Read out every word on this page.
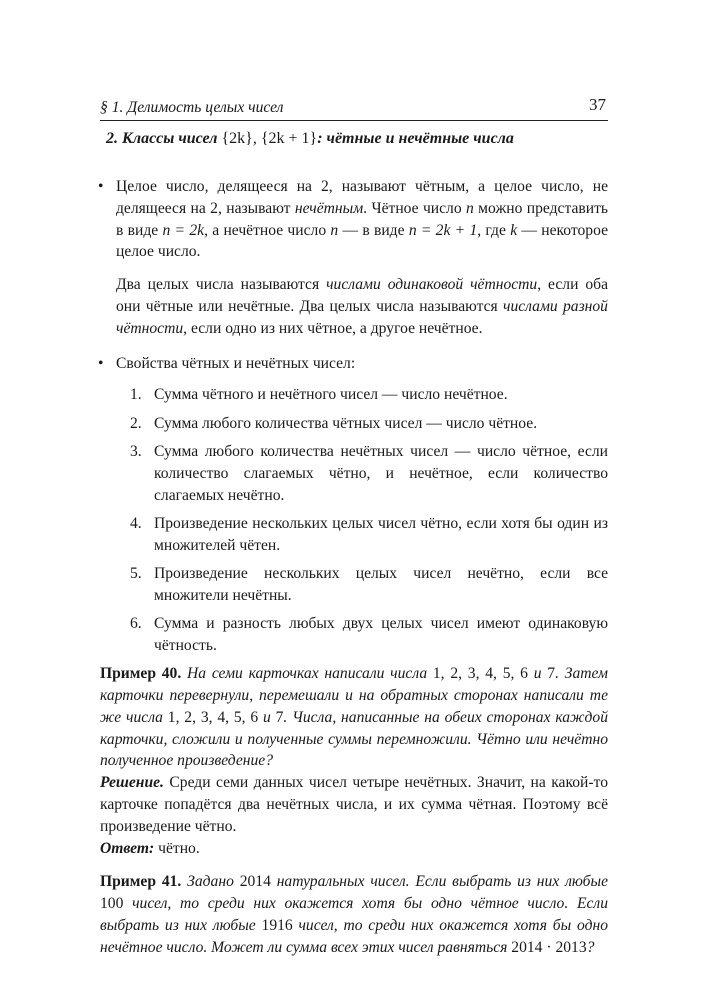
§ 1. Делимость целых чисел	37
2. Классы чисел {2k}, {2k + 1}: чётные и нечётные числа
• Целое число, делящееся на 2, называют чётным, а целое число, не делящееся на 2, называют нечётным. Чётное число n можно представить в виде n = 2k, а нечётное число n — в виде n = 2k + 1, где k — некоторое целое число.

Два целых числа называются числами одинаковой чётности, если оба они чётные или нечётные. Два целых числа называются числами разной чётности, если одно из них чётное, а другое нечётное.

• Свойства чётных и нечётных чисел:

1. Сумма чётного и нечётного чисел — число нечётное.
2. Сумма любого количества чётных чисел — число чётное.
3. Сумма любого количества нечётных чисел — число чётное, если количество слагаемых чётно, и нечётное, если количество слагаемых нечётно.
4. Произведение нескольких целых чисел чётно, если хотя бы один из множителей чётен.
5. Произведение нескольких целых чисел нечётно, если все множители нечётны.
6. Сумма и разность любых двух целых чисел имеют одинаковую чётность.

Пример 40. На семи карточках написали числа 1, 2, 3, 4, 5, 6 и 7. Затем карточки перевернули, перемешали и на обратных сторонах написали те же числа 1, 2, 3, 4, 5, 6 и 7. Числа, написанные на обеих сторонах каждой карточки, сложили и полученные суммы перемножили. Чётно или нечётно полученное произведение?

Решение. Среди семи данных чисел четыре нечётных. Значит, на какой-то карточке попадётся два нечётных числа, и их сумма чётная. Поэтому всё произведение чётно.

Ответ: чётно.

Пример 41. Задано 2014 натуральных чисел. Если выбрать из них любые 100 чисел, то среди них окажется хотя бы одно чётное число. Если выбрать из них любые 1916 чисел, то среди них окажется хотя бы одно нечётное число. Может ли сумма всех этих чисел равняться 2014 · 2013?
